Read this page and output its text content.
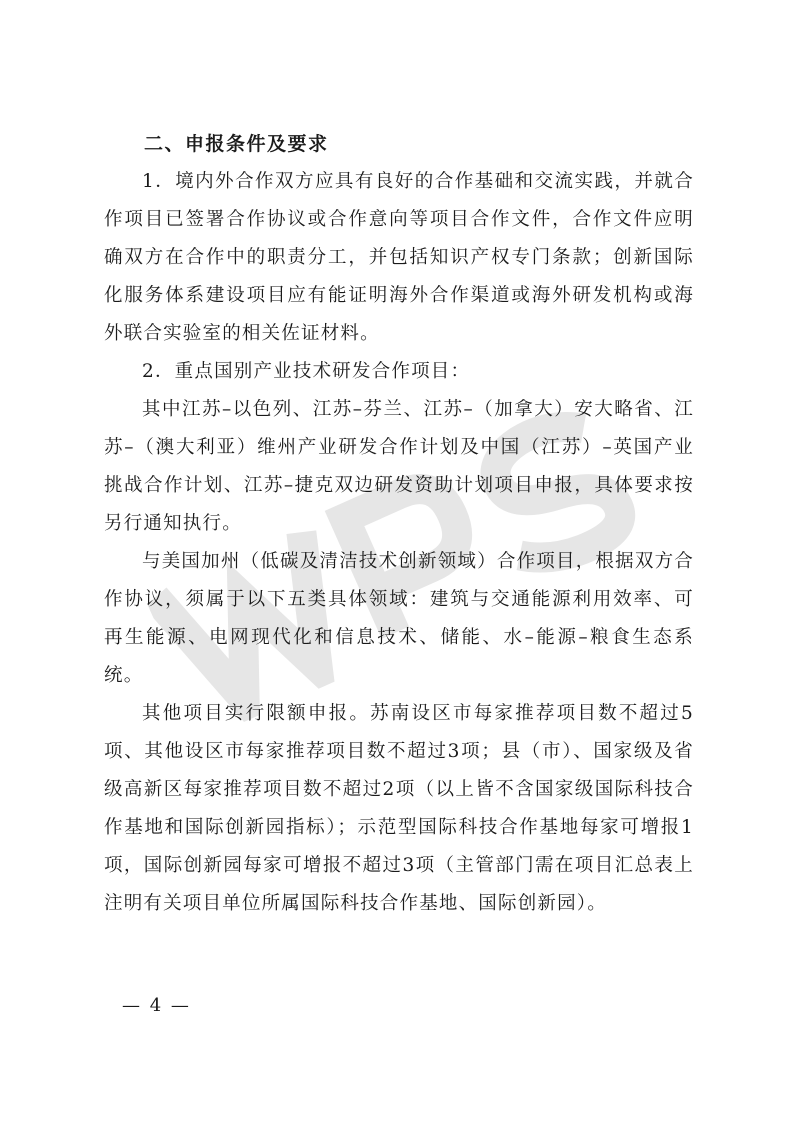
二、申报条件及要求

1．境内外合作双方应具有良好的合作基础和交流实践，并就合作项目已签署合作协议或合作意向等项目合作文件，合作文件应明确双方在合作中的职责分工，并包括知识产权专门条款；创新国际化服务体系建设项目应有能证明海外合作渠道或海外研发机构或海外联合实验室的相关佐证材料。

2．重点国别产业技术研发合作项目：

其中江苏–以色列、江苏–芬兰、江苏–（加拿大）安大略省、江苏–（澳大利亚）维州产业研发合作计划及中国（江苏）–英国产业挑战合作计划、江苏–捷克双边研发资助计划项目申报，具体要求按另行通知执行。

与美国加州（低碳及清洁技术创新领域）合作项目，根据双方合作协议，须属于以下五类具体领域：建筑与交通能源利用效率、可再生能源、电网现代化和信息技术、储能、水–能源–粮食生态系统。

其他项目实行限额申报。苏南设区市每家推荐项目数不超过5项、其他设区市每家推荐项目数不超过3项；县（市）、国家级及省级高新区每家推荐项目数不超过2项（以上皆不含国家级国际科技合作基地和国际创新园指标）；示范型国际科技合作基地每家可增报1项，国际创新园每家可增报不超过3项（主管部门需在项目汇总表上注明有关项目单位所属国际科技合作基地、国际创新园）。

— 4 —
